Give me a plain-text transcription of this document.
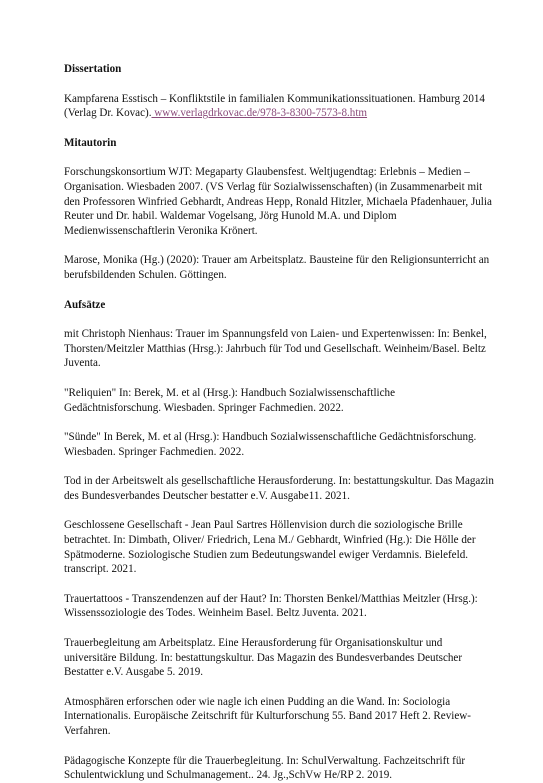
Dissertation

Kampfarena Esstisch – Konfliktstile in familialen Kommunikationssituationen. Hamburg 2014 (Verlag Dr. Kovac). www.verlagdrkovac.de/978-3-8300-7573-8.htm

Mitautorin

Forschungskonsortium WJT: Megaparty Glaubensfest. Weltjugendtag: Erlebnis – Medien – Organisation. Wiesbaden 2007. (VS Verlag für Sozialwissenschaften) (in Zusammenarbeit mit den Professoren Winfried Gebhardt, Andreas Hepp, Ronald Hitzler, Michaela Pfadenhauer, Julia Reuter und Dr. habil. Waldemar Vogelsang, Jörg Hunold M.A. und Diplom Medienwissenschaftlerin Veronika Krönert.

Marose, Monika (Hg.) (2020): Trauer am Arbeitsplatz. Bausteine für den Religionsunterricht an berufsbildenden Schulen. Göttingen.

Aufsätze

mit Christoph Nienhaus: Trauer im Spannungsfeld von Laien- und Expertenwissen: In: Benkel, Thorsten/Meitzler Matthias (Hrsg.): Jahrbuch für Tod und Gesellschaft. Weinheim/Basel. Beltz Juventa.

"Reliquien" In: Berek, M. et al (Hrsg.): Handbuch Sozialwissenschaftliche Gedächtnisforschung. Wiesbaden. Springer Fachmedien. 2022.

"Sünde" In Berek, M. et al (Hrsg.): Handbuch Sozialwissenschaftliche Gedächtnisforschung. Wiesbaden. Springer Fachmedien. 2022.

Tod in der Arbeitswelt als gesellschaftliche Herausforderung. In: bestattungskultur. Das Magazin des Bundesverbandes Deutscher bestatter e.V. Ausgabe11. 2021.

Geschlossene Gesellschaft - Jean Paul Sartres Höllenvision durch die soziologische Brille betrachtet. In: Dimbath, Oliver/ Friedrich, Lena M./ Gebhardt, Winfried (Hg.): Die Hölle der Spätmoderne. Soziologische Studien zum Bedeutungswandel ewiger Verdamnis. Bielefeld. transcript. 2021.

Trauertattoos - Transzendenzen auf der Haut? In: Thorsten Benkel/Matthias Meitzler (Hrsg.): Wissenssoziologie des Todes. Weinheim Basel. Beltz Juventa. 2021.

Trauerbegleitung am Arbeitsplatz. Eine Herausforderung für Organisationskultur und universitäre Bildung. In: bestattungskultur. Das Magazin des Bundesverbandes Deutscher Bestatter e.V. Ausgabe 5. 2019.

Atmosphären erforschen oder wie nagle ich einen Pudding an die Wand. In: Sociologia Internationalis. Europäische Zeitschrift für Kulturforschung 55. Band 2017 Heft 2. Review-Verfahren.

Pädagogische Konzepte für die Trauerbegleitung. In: SchulVerwaltung. Fachzeitschrift für Schulentwicklung und Schulmanagement.. 24. Jg.,SchVw He/RP 2. 2019.
